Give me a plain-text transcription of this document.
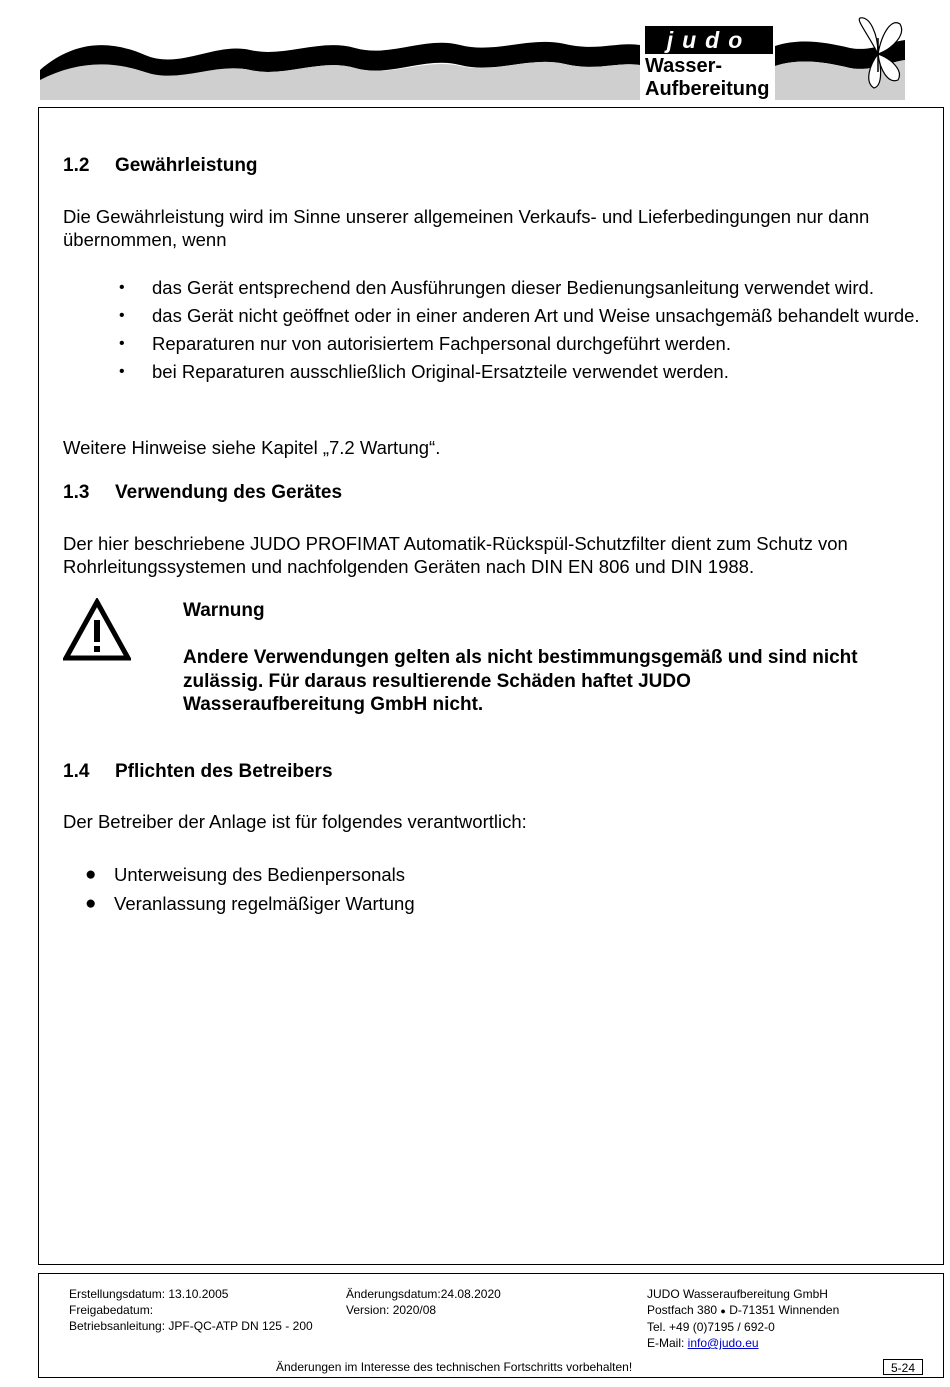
judo
Wasser-
Aufbereitung
1.2 Gewährleistung
Die Gewährleistung wird im Sinne unserer allgemeinen Verkaufs- und Lieferbedingungen nur dann übernommen, wenn
• das Gerät entsprechend den Ausführungen dieser Bedienungsanleitung verwendet wird.
• das Gerät nicht geöffnet oder in einer anderen Art und Weise unsachgemäß behandelt wurde.
• Reparaturen nur von autorisiertem Fachpersonal durchgeführt werden.
• bei Reparaturen ausschließlich Original-Ersatzteile verwendet werden.
Weitere Hinweise siehe Kapitel „7.2 Wartung“.
1.3 Verwendung des Gerätes
Der hier beschriebene JUDO PROFIMAT Automatik-Rückspül-Schutzfilter dient zum Schutz von Rohrleitungssystemen und nachfolgenden Geräten nach DIN EN 806 und DIN 1988.
Warnung
Andere Verwendungen gelten als nicht bestimmungsgemäß und sind nicht zulässig. Für daraus resultierende Schäden haftet JUDO Wasseraufbereitung GmbH nicht.
1.4 Pflichten des Betreibers
Der Betreiber der Anlage ist für folgendes verantwortlich:
● Unterweisung des Bedienpersonals
● Veranlassung regelmäßiger Wartung
Erstellungsdatum: 13.10.2005
Freigabedatum:
Betriebsanleitung: JPF-QC-ATP DN 125 - 200
Änderungsdatum:24.08.2020
Version: 2020/08
JUDO Wasseraufbereitung GmbH
Postfach 380 ● D-71351 Winnenden
Tel. +49 (0)7195 / 692-0
E-Mail: info@judo.eu
Änderungen im Interesse des technischen Fortschritts vorbehalten!	5-24
